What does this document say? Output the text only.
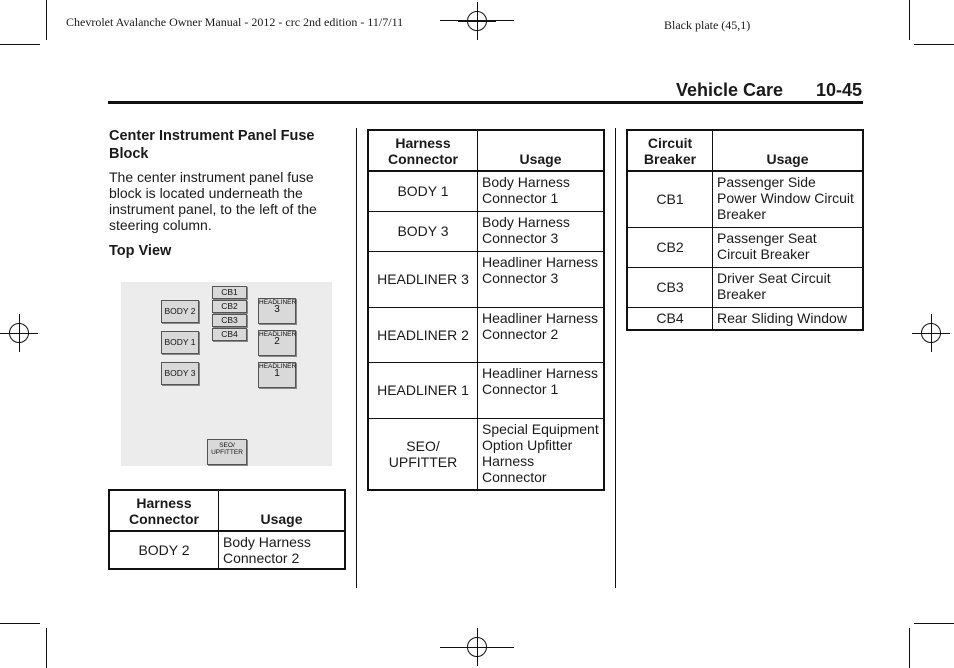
Chevrolet Avalanche Owner Manual - 2012 - crc 2nd edition - 11/7/11	Black plate (45,1)
Vehicle Care 10-45
Center Instrument Panel Fuse Block
The center instrument panel fuse block is located underneath the instrument panel, to the left of the steering column.
Top View
BODY 2
BODY 1
BODY 3
CB1
CB2
CB3
CB4
HEADLINER
3
HEADLINER
2
HEADLINER
1
SEO/
UPFITTER
Harness Connector	Usage
BODY 2	Body Harness Connector 2
Harness Connector	Usage
BODY 1	Body Harness Connector 1
BODY 3	Body Harness Connector 3
HEADLINER 3	Headliner Harness Connector 3
HEADLINER 2	Headliner Harness Connector 2
HEADLINER 1	Headliner Harness Connector 1
SEO/ UPFITTER	Special Equipment Option Upfitter Harness Connector
Circuit Breaker	Usage
CB1	Passenger Side Power Window Circuit Breaker
CB2	Passenger Seat Circuit Breaker
CB3	Driver Seat Circuit Breaker
CB4	Rear Sliding Window
